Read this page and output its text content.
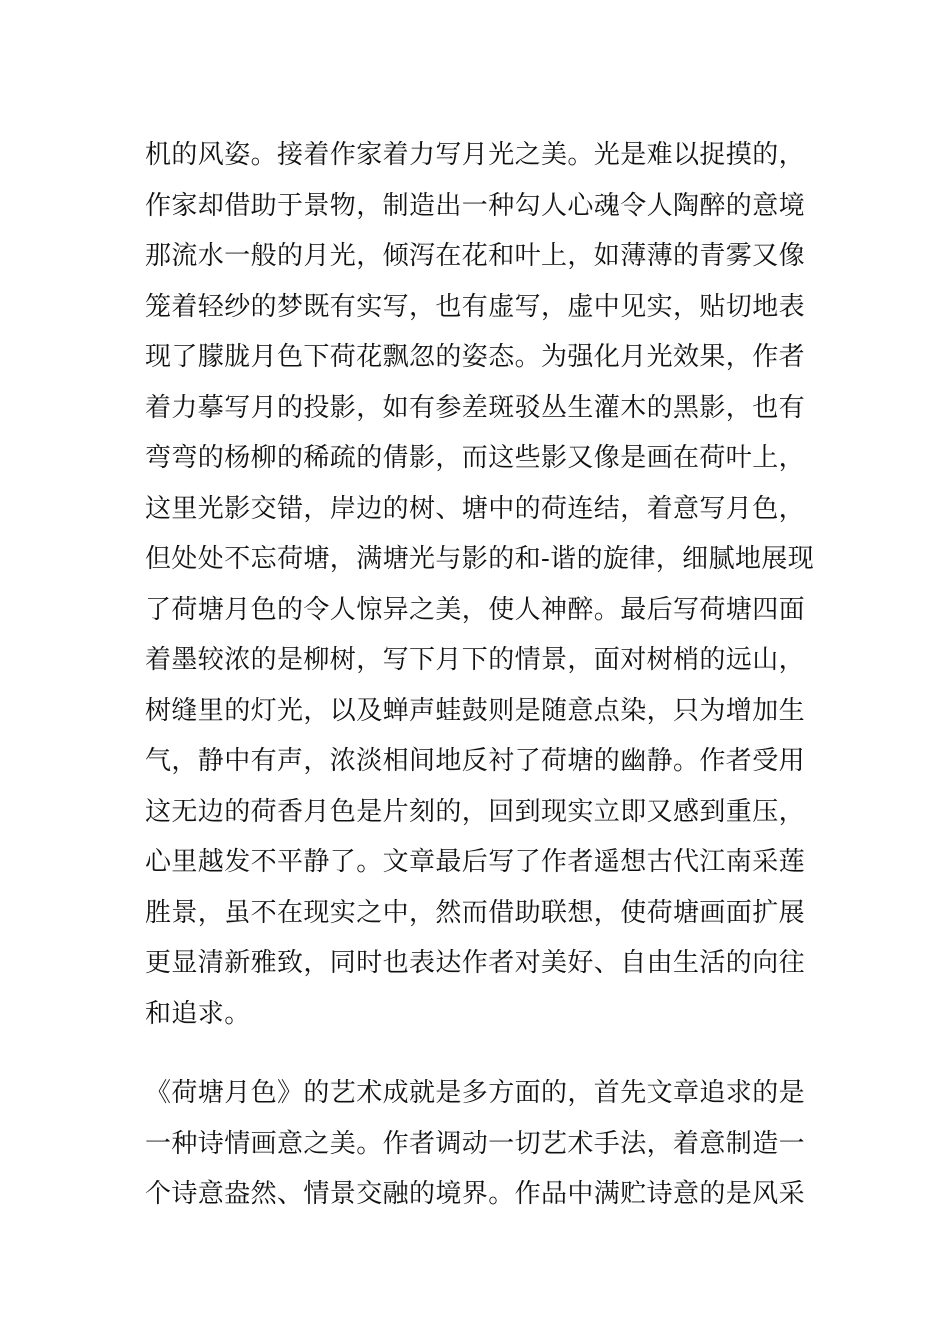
机的风姿。接着作家着力写月光之美。光是难以捉摸的，
作家却借助于景物，制造出一种勾人心魂令人陶醉的意境
那流水一般的月光，倾泻在花和叶上，如薄薄的青雾又像
笼着轻纱的梦既有实写，也有虚写，虚中见实，贴切地表
现了朦胧月色下荷花飘忽的姿态。为强化月光效果，作者
着力摹写月的投影，如有参差斑驳丛生灌木的黑影，也有
弯弯的杨柳的稀疏的倩影，而这些影又像是画在荷叶上，
这里光影交错，岸边的树、塘中的荷连结，着意写月色，
但处处不忘荷塘，满塘光与影的和-谐的旋律，细腻地展现
了荷塘月色的令人惊异之美，使人神醉。最后写荷塘四面
着墨较浓的是柳树，写下月下的情景，面对树梢的远山，
树缝里的灯光，以及蝉声蛙鼓则是随意点染，只为增加生
气，静中有声，浓淡相间地反衬了荷塘的幽静。作者受用
这无边的荷香月色是片刻的，回到现实立即又感到重压，
心里越发不平静了。文章最后写了作者遥想古代江南采莲
胜景，虽不在现实之中，然而借助联想，使荷塘画面扩展
更显清新雅致，同时也表达作者对美好、自由生活的向往
和追求。

《荷塘月色》的艺术成就是多方面的，首先文章追求的是
一种诗情画意之美。作者调动一切艺术手法，着意制造一
个诗意盎然、情景交融的境界。作品中满贮诗意的是风采
